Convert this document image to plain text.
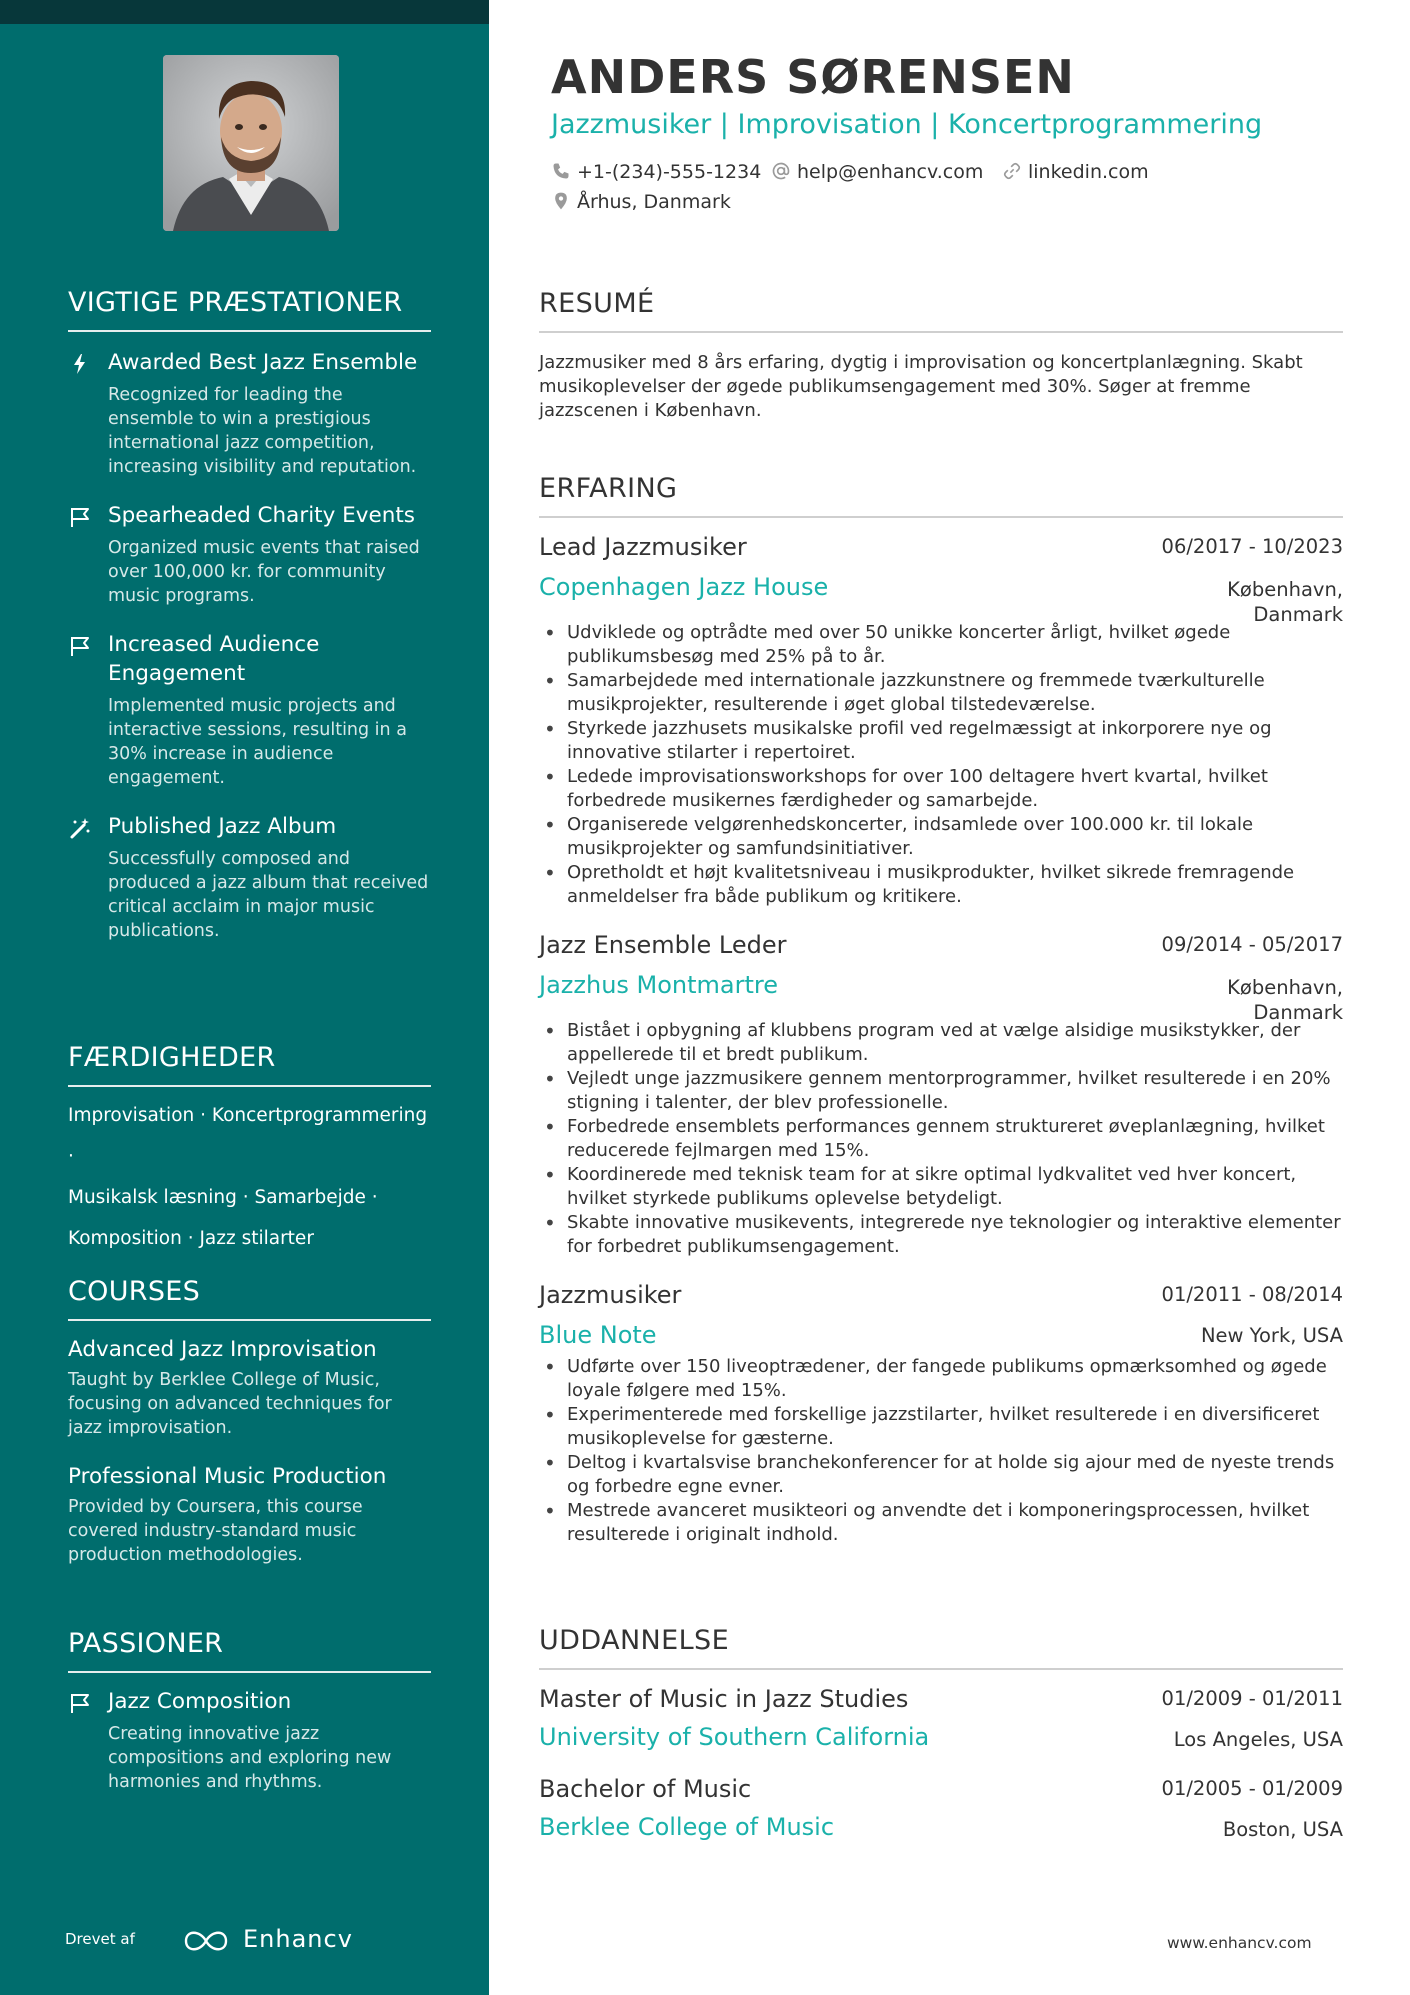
VIGTIGE PRÆSTATIONER
Awarded Best Jazz Ensemble
Recognized for leading the ensemble to win a prestigious international jazz competition, increasing visibility and reputation.
Spearheaded Charity Events
Organized music events that raised over 100,000 kr. for community music programs.
Increased Audience Engagement
Implemented music projects and interactive sessions, resulting in a 30% increase in audience engagement.
Published Jazz Album
Successfully composed and produced a jazz album that received critical acclaim in major music publications.
FÆRDIGHEDER
Improvisation · Koncertprogrammering ·
Musikalsk læsning · Samarbejde ·
Komposition · Jazz stilarter
COURSES
Advanced Jazz Improvisation
Taught by Berklee College of Music, focusing on advanced techniques for jazz improvisation.
Professional Music Production
Provided by Coursera, this course covered industry-standard music production methodologies.
PASSIONER
Jazz Composition
Creating innovative jazz compositions and exploring new harmonies and rhythms.
Drevet af	Enhancv
ANDERS SØRENSEN
Jazzmusiker | Improvisation | Koncertprogrammering
+1-(234)-555-1234	help@enhancv.com	linkedin.com
Århus, Danmark
RESUMÉ
Jazzmusiker med 8 års erfaring, dygtig i improvisation og koncertplanlægning. Skabt musikoplevelser der øgede publikumsengagement med 30%. Søger at fremme jazzscenen i København.
ERFARING
Lead Jazzmusiker	06/2017 - 10/2023
København, Danmark
Copenhagen Jazz House
• Udviklede og optrådte med over 50 unikke koncerter årligt, hvilket øgede publikumsbesøg med 25% på to år.
• Samarbejdede med internationale jazzkunstnere og fremmede tværkulturelle musikprojekter, resulterende i øget global tilstedeværelse.
• Styrkede jazzhusets musikalske profil ved regelmæssigt at inkorporere nye og innovative stilarter i repertoiret.
• Ledede improvisationsworkshops for over 100 deltagere hvert kvartal, hvilket forbedrede musikernes færdigheder og samarbejde.
• Organiserede velgørenhedskoncerter, indsamlede over 100.000 kr. til lokale musikprojekter og samfundsinitiativer.
• Opretholdt et højt kvalitetsniveau i musikprodukter, hvilket sikrede fremragende anmeldelser fra både publikum og kritikere.
Jazz Ensemble Leder	09/2014 - 05/2017
København, Danmark
Jazzhus Montmartre
• Bistået i opbygning af klubbens program ved at vælge alsidige musikstykker, der appellerede til et bredt publikum.
• Vejledt unge jazzmusikere gennem mentorprogrammer, hvilket resulterede i en 20% stigning i talenter, der blev professionelle.
• Forbedrede ensemblets performances gennem struktureret øveplanlægning, hvilket reducerede fejlmargen med 15%.
• Koordinerede med teknisk team for at sikre optimal lydkvalitet ved hver koncert, hvilket styrkede publikums oplevelse betydeligt.
• Skabte innovative musikevents, integrerede nye teknologier og interaktive elementer for forbedret publikumsengagement.
Jazzmusiker	01/2011 - 08/2014
New York, USA
Blue Note
• Udførte over 150 liveoptrædener, der fangede publikums opmærksomhed og øgede loyale følgere med 15%.
• Experimenterede med forskellige jazzstilarter, hvilket resulterede i en diversificeret musikoplevelse for gæsterne.
• Deltog i kvartalsvise branchekonferencer for at holde sig ajour med de nyeste trends og forbedre egne evner.
• Mestrede avanceret musikteori og anvendte det i komponeringsprocessen, hvilket resulterede i originalt indhold.
UDDANNELSE
Master of Music in Jazz Studies	01/2009 - 01/2011
Los Angeles, USA
University of Southern California
Bachelor of Music	01/2005 - 01/2009
Boston, USA
Berklee College of Music
www.enhancv.com
